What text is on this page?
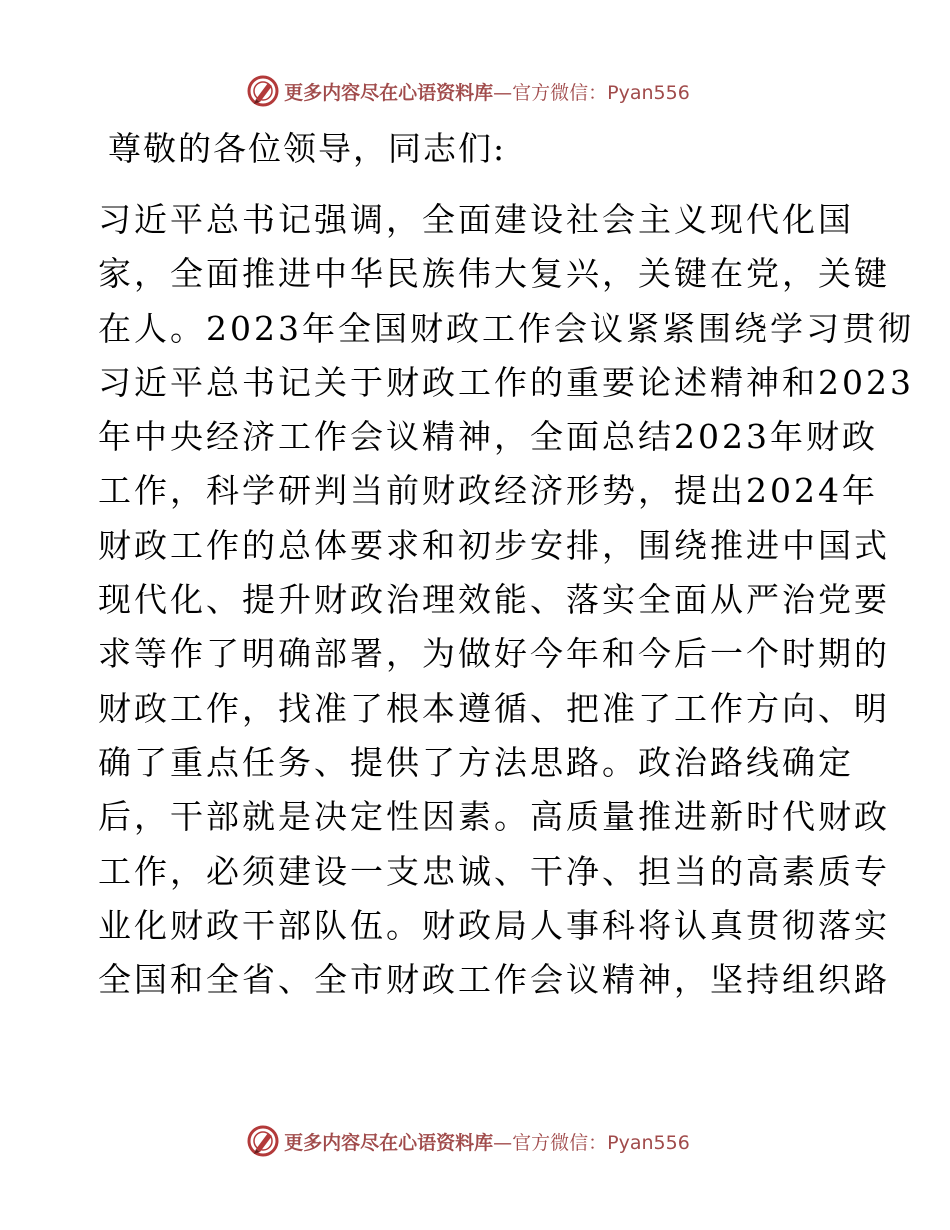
更多内容尽在心语资料库—官方微信：Pyan556
尊敬的各位领导，同志们:
习近平总书记强调，全面建设社会主义现代化国
家，全面推进中华民族伟大复兴，关键在党，关键
在人。2023年全国财政工作会议紧紧围绕学习贯彻
习近平总书记关于财政工作的重要论述精神和2023
年中央经济工作会议精神，全面总结2023年财政
工作，科学研判当前财政经济形势，提出2024年
财政工作的总体要求和初步安排，围绕推进中国式
现代化、提升财政治理效能、落实全面从严治党要
求等作了明确部署，为做好今年和今后一个时期的
财政工作，找准了根本遵循、把准了工作方向、明
确了重点任务、提供了方法思路。政治路线确定
后，干部就是决定性因素。高质量推进新时代财政
工作，必须建设一支忠诚、干净、担当的高素质专
业化财政干部队伍。财政局人事科将认真贯彻落实
全国和全省、全市财政工作会议精神，坚持组织路
更多内容尽在心语资料库—官方微信：Pyan556
